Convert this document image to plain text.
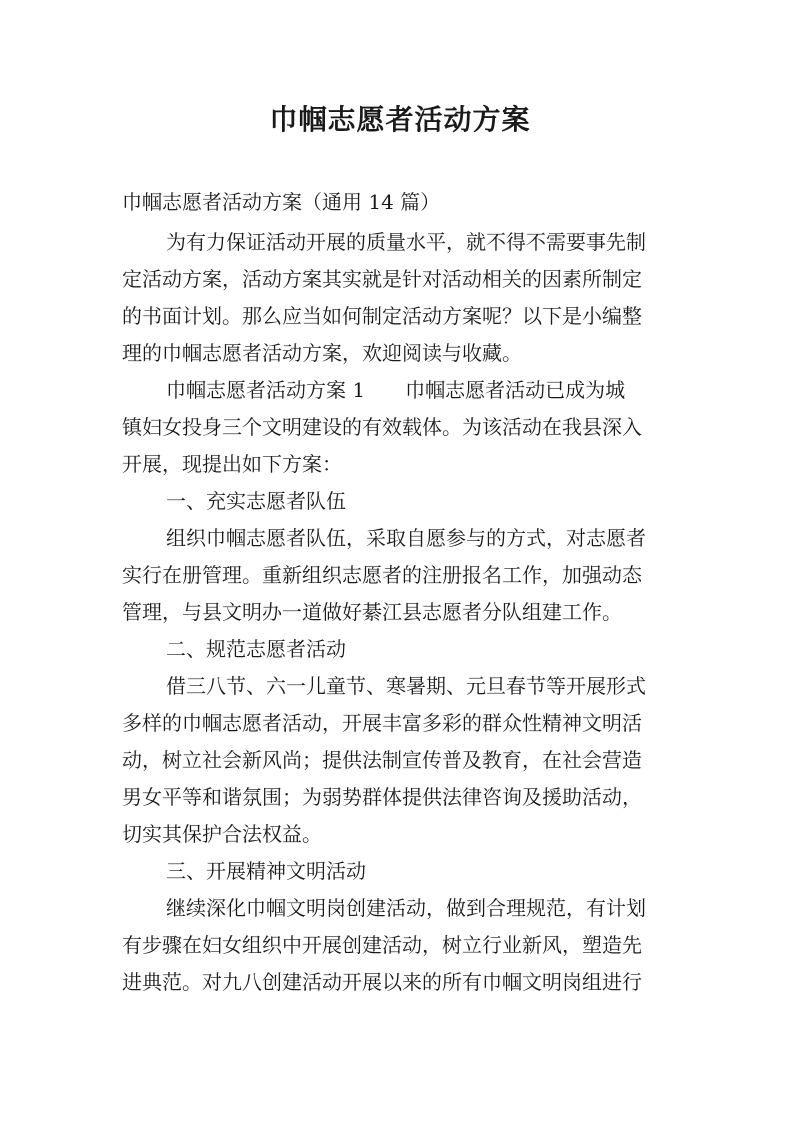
巾帼志愿者活动方案
巾帼志愿者活动方案（通用 14 篇）
为有力保证活动开展的质量水平，就不得不需要事先制
定活动方案，活动方案其实就是针对活动相关的因素所制定
的书面计划。那么应当如何制定活动方案呢？以下是小编整
理的巾帼志愿者活动方案，欢迎阅读与收藏。
巾帼志愿者活动方案 1　　巾帼志愿者活动已成为城
镇妇女投身三个文明建设的有效载体。为该活动在我县深入
开展，现提出如下方案：
一、充实志愿者队伍
组织巾帼志愿者队伍，采取自愿参与的方式，对志愿者
实行在册管理。重新组织志愿者的注册报名工作，加强动态
管理，与县文明办一道做好綦江县志愿者分队组建工作。
二、规范志愿者活动
借三八节、六一儿童节、寒暑期、元旦春节等开展形式
多样的巾帼志愿者活动，开展丰富多彩的群众性精神文明活
动，树立社会新风尚；提供法制宣传普及教育，在社会营造
男女平等和谐氛围；为弱势群体提供法律咨询及援助活动，
切实其保护合法权益。
三、开展精神文明活动
继续深化巾帼文明岗创建活动，做到合理规范，有计划
有步骤在妇女组织中开展创建活动，树立行业新风，塑造先
进典范。对九八创建活动开展以来的所有巾帼文明岗组进行
